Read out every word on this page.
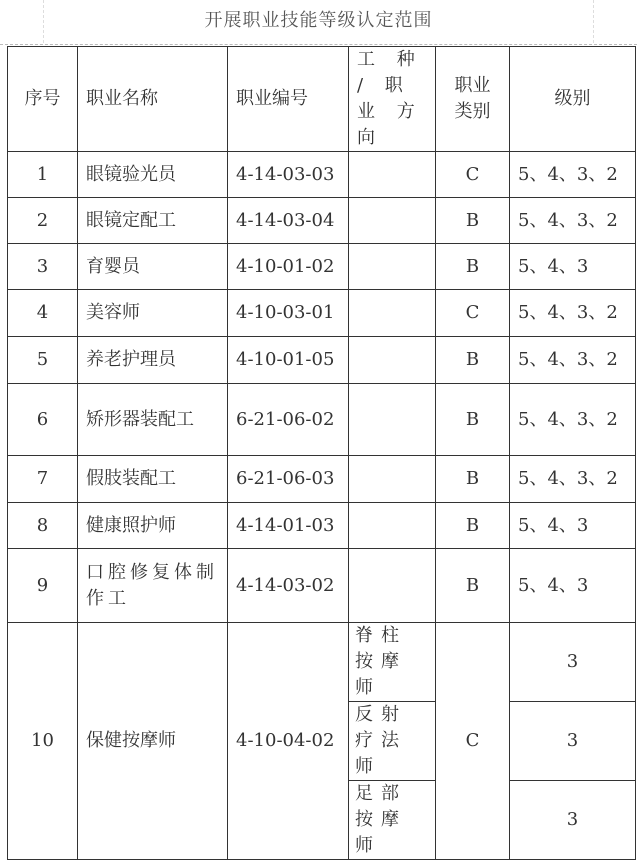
开展职业技能等级认定范围
序号	职业名称	职业编号	工 种 / 职 业 方 向	职业 类别	级别
1	眼镜验光员	4-14-03-03		C	5、4、3、2
2	眼镜定配工	4-14-03-04		B	5、4、3、2
3	育婴员	4-10-01-02		B	5、4、3
4	美容师	4-10-03-01		C	5、4、3、2
5	养老护理员	4-10-01-05		B	5、4、3、2
6	矫形器装配工	6-21-06-02		B	5、4、3、2
7	假肢装配工	6-21-06-03		B	5、4、3、2
8	健康照护师	4-14-01-03		B	5、4、3
9	口腔修复体制作工	4-14-03-02		B	5、4、3
10	保健按摩师	4-10-04-02	脊柱按摩师	C	3
			反射疗法师		3
			足部按摩师		3
